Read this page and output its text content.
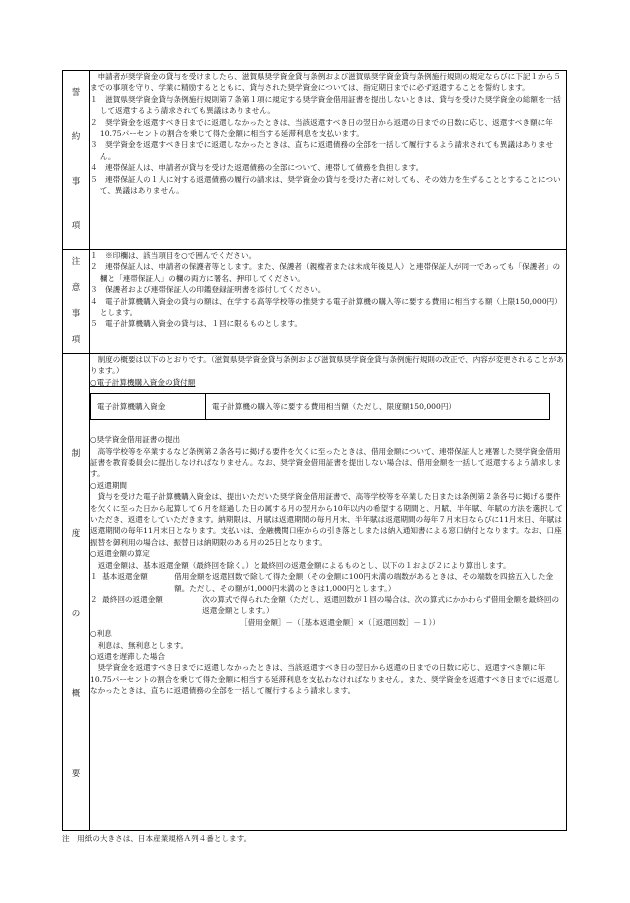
誓
約
事
項

申請者が奨学資金の貸与を受けましたら、滋賀県奨学資金貸与条例および滋賀県奨学資金貸与条例施行規則の規定ならびに下記１から５までの事項を守り、学業に精励するとともに、貸与された奨学資金については、指定期日までに必ず返還することを誓約します。

１　滋賀県奨学資金貸与条例施行規則第７条第１項に規定する奨学資金借用証書を提出しないときは、貸与を受けた奨学資金の総額を一括して返還するよう請求されても異議はありません。

２　奨学資金を返還すべき日までに返還しなかったときは、当該返還すべき日の翌日から返還の日までの日数に応じ、返還すべき額に年10.75パーセントの割合を乗じて得た金額に相当する延滞利息を支払います。

３　奨学資金を返還すべき日までに返還しなかったときは、直ちに返還債務の全部を一括して履行するよう請求されても異議はありません。

４　連帯保証人は、申請者が貸与を受けた返還債務の全部について、連帯して債務を負担します。

５　連帯保証人の１人に対する返還債務の履行の請求は、奨学資金の貸与を受けた者に対しても、その効力を生ずることとすることについて、異議はありません。

注
意
事
項

１　※印欄は、該当項目を○で囲んでください。

２　連帯保証人は、申請者の保護者等とします。また、保護者（親権者または未成年後見人）と連帯保証人が同一であっても「保護者」の欄と「連帯保証人」の欄の両方に署名、押印してください。

３　保護者および連帯保証人の印鑑登録証明書を添付してください。

４　電子計算機購入資金の貸与の額は、在学する高等学校等の推奨する電子計算機の購入等に要する費用に相当する額（上限150,000円）とします。

５　電子計算機購入資金の貸与は、１回に限るものとします。

制
度
の
概
要

制度の概要は以下のとおりです。（滋賀県奨学資金貸与条例および滋賀県奨学資金貸与条例施行規則の改正で、内容が変更されることがあります。）

○電子計算機購入資金の貸付額

電子計算機購入資金	電子計算機の購入等に要する費用相当額（ただし、限度額150,000円）

○奨学資金借用証書の提出

高等学校等を卒業するなど条例第２条各号に掲げる要件を欠くに至ったときは、借用金額について、連帯保証人と連署した奨学資金借用証書を教育委員会に提出しなければなりません。なお、奨学資金借用証書を提出しない場合は、借用金額を一括して返還するよう請求します。

○返還期間

貸与を受けた電子計算機購入資金は、提出いただいた奨学資金借用証書で、高等学校等を卒業した日または条例第２条各号に掲げる要件を欠くに至った日から起算して６月を経過した日の属する月の翌月から10年以内の希望する期間と、月賦、半年賦、年賦の方法を選択していただき、返還をしていただきます。納期限は、月賦は返還期間の毎月月末、半年賦は返還期間の毎年７月末日ならびに11月末日、年賦は返還期間の毎年11月末日となります。支払いは、金融機関口座からの引き落としまたは納入通知書による窓口納付となります。なお、口座振替を御利用の場合は、振替日は納期限のある月の25日となります。

○返還金額の算定

返還金額は、基本返還金額（最終回を除く。）と最終回の返還金額によるものとし、以下の１および２により算出します。

１ 基本返還金額	借用金額を返還回数で除して得た金額（その金額に100円未満の端数があるときは、その端数を四捨五入した金額。ただし、その額が1,000円未満のときは1,000円とします。）
２ 最終回の返還金額	次の算式で得られた金額（ただし、返還回数が１回の場合は、次の算式にかかわらず借用金額を最終回の返還金額とします。）

［借用金額］－（［基本返還金額］×（［返還回数］－１））

○利息

利息は、無利息とします。

○返還を遅滞した場合

奨学資金を返還すべき日までに返還しなかったときは、当該返還すべき日の翌日から返還の日までの日数に応じ、返還すべき額に年10.75パーセントの割合を乗じて得た金額に相当する延滞利息を支払わなければなりません。また、奨学資金を返還すべき日までに返還しなかったときは、直ちに返還債務の全部を一括して履行するよう請求します。

注　用紙の大きさは、日本産業規格Ａ列４番とします。
